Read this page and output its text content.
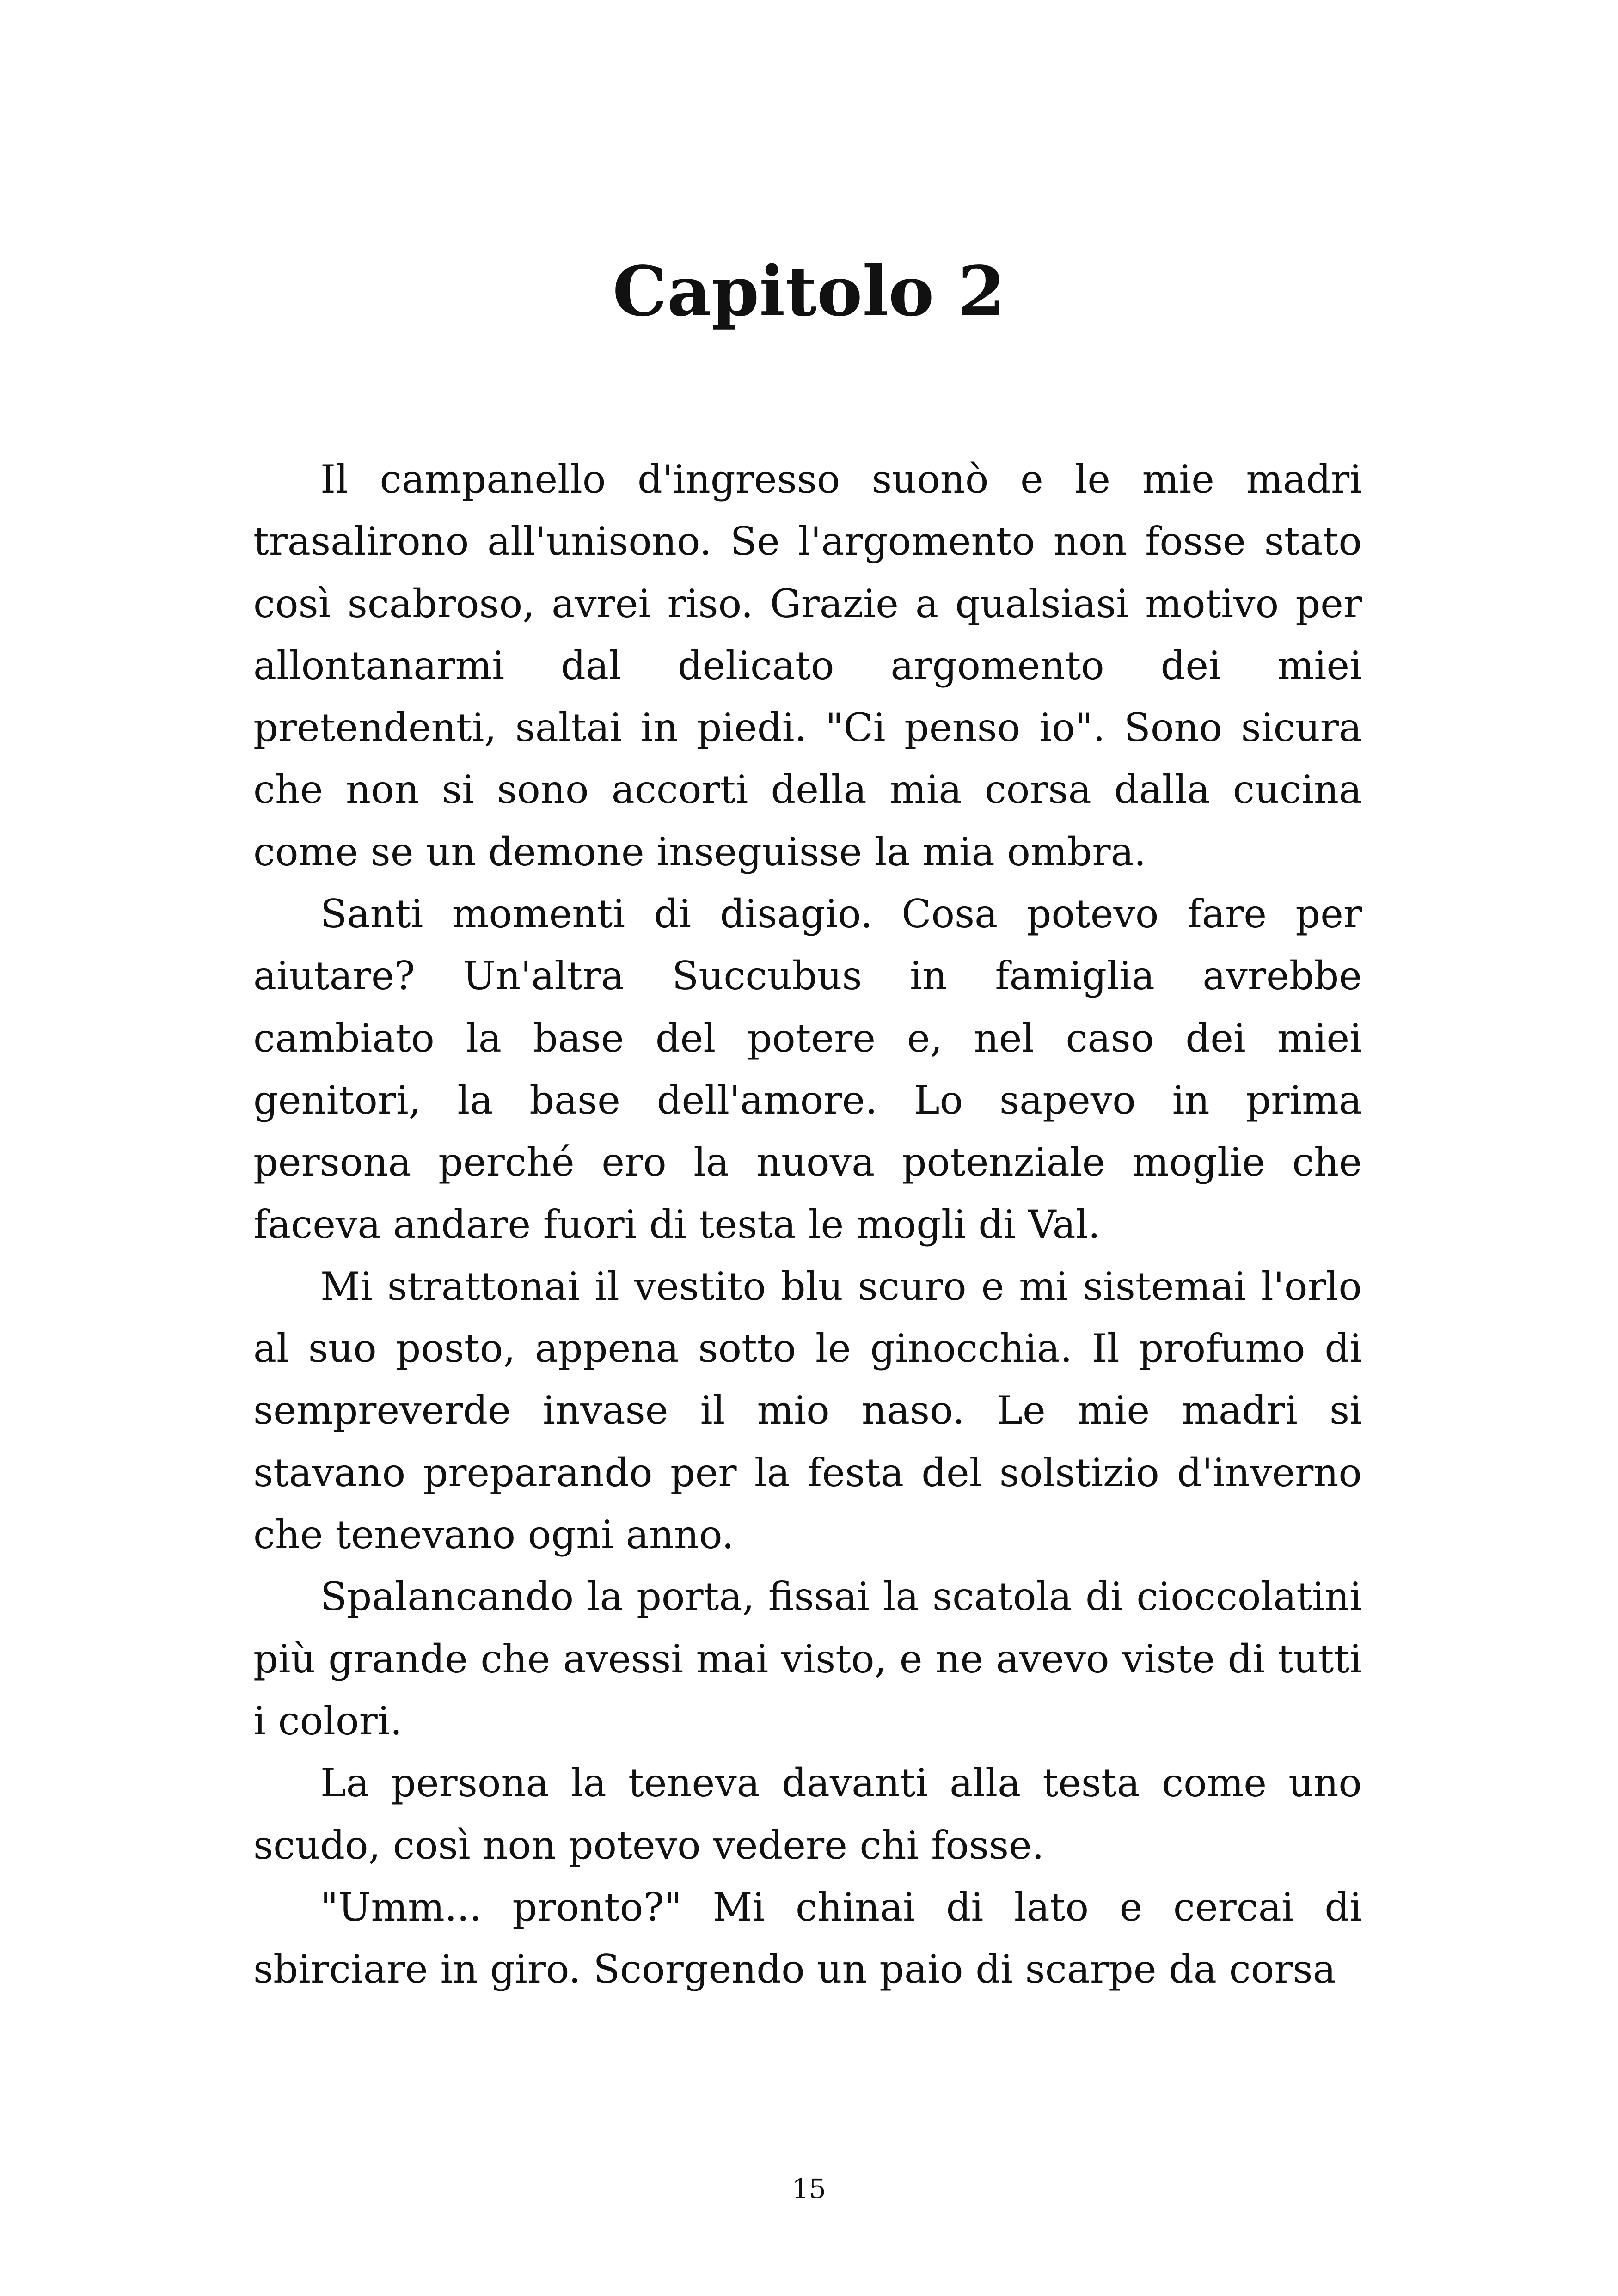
Capitolo 2

Il campanello d'ingresso suonò e le mie madri trasalirono all'unisono. Se l'argomento non fosse stato così scabroso, avrei riso. Grazie a qualsiasi motivo per allontanarmi dal delicato argomento dei miei pretendenti, saltai in piedi. "Ci penso io". Sono sicura che non si sono accorti della mia corsa dalla cucina come se un demone inseguisse la mia ombra.

Santi momenti di disagio. Cosa potevo fare per aiutare? Un'altra Succubus in famiglia avrebbe cambiato la base del potere e, nel caso dei miei genitori, la base dell'amore. Lo sapevo in prima persona perché ero la nuova potenziale moglie che faceva andare fuori di testa le mogli di Val.

Mi strattonai il vestito blu scuro e mi sistemai l'orlo al suo posto, appena sotto le ginocchia. Il profumo di sempreverde invase il mio naso. Le mie madri si stavano preparando per la festa del solstizio d'inverno che tenevano ogni anno.

Spalancando la porta, fissai la scatola di cioccolatini più grande che avessi mai visto, e ne avevo viste di tutti i colori.

La persona la teneva davanti alla testa come uno scudo, così non potevo vedere chi fosse.

"Umm... pronto?" Mi chinai di lato e cercai di sbirciare in giro. Scorgendo un paio di scarpe da corsa

15
